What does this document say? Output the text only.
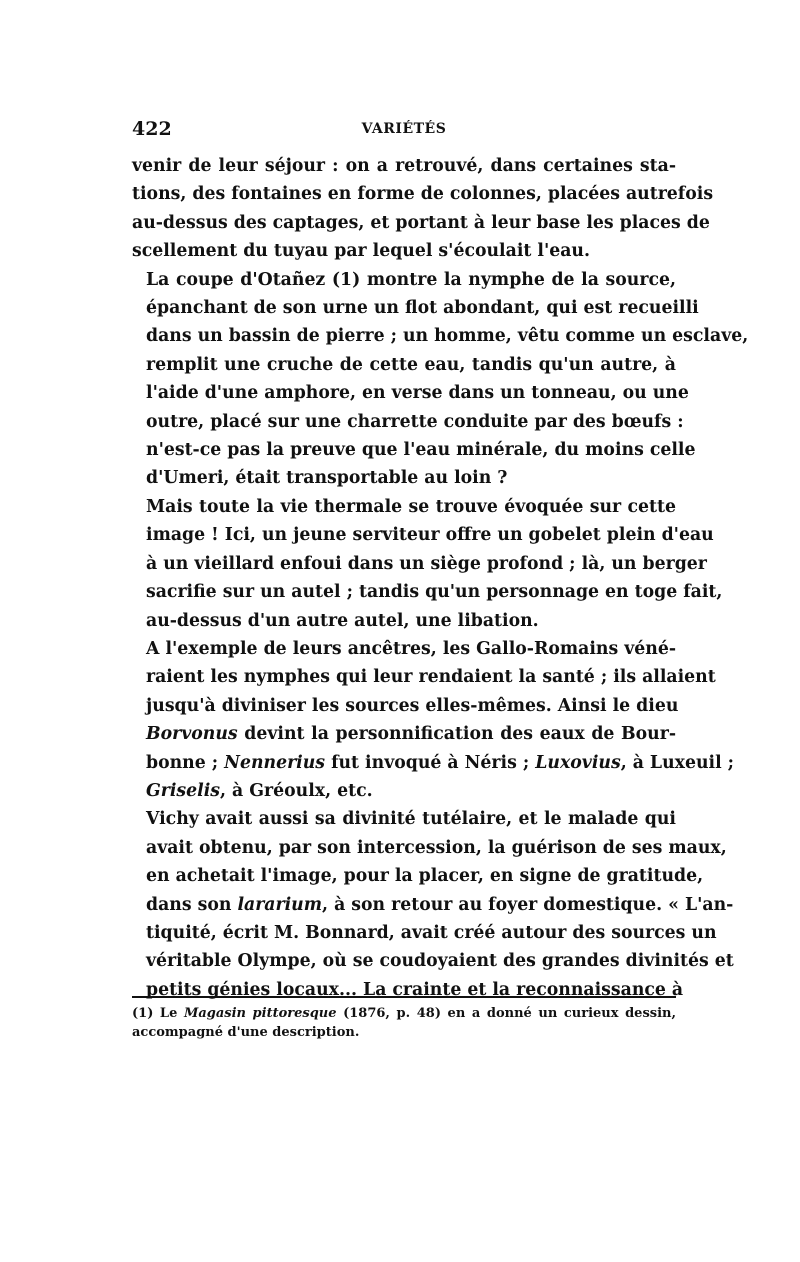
422	VARIÉTÉS

venir de leur séjour : on a retrouvé, dans certaines sta-
tions, des fontaines en forme de colonnes, placées autrefois
au-dessus des captages, et portant à leur base les places de
scellement du tuyau par lequel s'écoulait l'eau.

La coupe d'Otañez (1) montre la nymphe de la source,
épanchant de son urne un flot abondant, qui est recueilli
dans un bassin de pierre ; un homme, vêtu comme un esclave,
remplit une cruche de cette eau, tandis qu'un autre, à
l'aide d'une amphore, en verse dans un tonneau, ou une
outre, placé sur une charrette conduite par des bœufs :
n'est-ce pas la preuve que l'eau minérale, du moins celle
d'Umeri, était transportable au loin ?

Mais toute la vie thermale se trouve évoquée sur cette
image ! Ici, un jeune serviteur offre un gobelet plein d'eau
à un vieillard enfoui dans un siège profond ; là, un berger
sacrifie sur un autel ; tandis qu'un personnage en toge fait,
au-dessus d'un autre autel, une libation.

A l'exemple de leurs ancêtres, les Gallo-Romains véné-
raient les nymphes qui leur rendaient la santé ; ils allaient
jusqu'à diviniser les sources elles-mêmes. Ainsi le dieu
Borvonus devint la personnification des eaux de Bour-
bonne ; Nennerius fut invoqué à Néris ; Luxovius, à Luxeuil ;
Griselis, à Gréoulx, etc.

Vichy avait aussi sa divinité tutélaire, et le malade qui
avait obtenu, par son intercession, la guérison de ses maux,
en achetait l'image, pour la placer, en signe de gratitude,
dans son lararium, à son retour au foyer domestique. « L'an-
tiquité, écrit M. Bonnard, avait créé autour des sources un
véritable Olympe, où se coudoyaient des grandes divinités et
petits génies locaux... La crainte et la reconnaissance à

(1) Le Magasin pittoresque (1876, p. 48) en a donné un curieux dessin,
accompagné d'une description.
